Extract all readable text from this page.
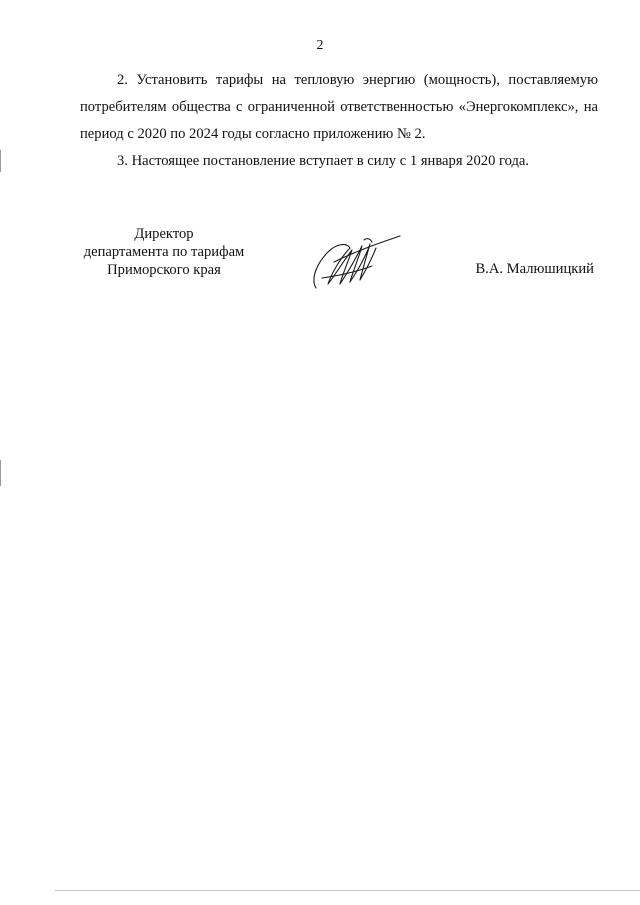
2

2. Установить тарифы на тепловую энергию (мощность), поставляемую потребителям общества с ограниченной ответственностью «Энергокомплекс», на период с 2020 по 2024 годы согласно приложению № 2.

3. Настоящее постановление вступает в силу с 1 января 2020 года.

Директор
департамента по тарифам
Приморского края	В.А. Малюшицкий
